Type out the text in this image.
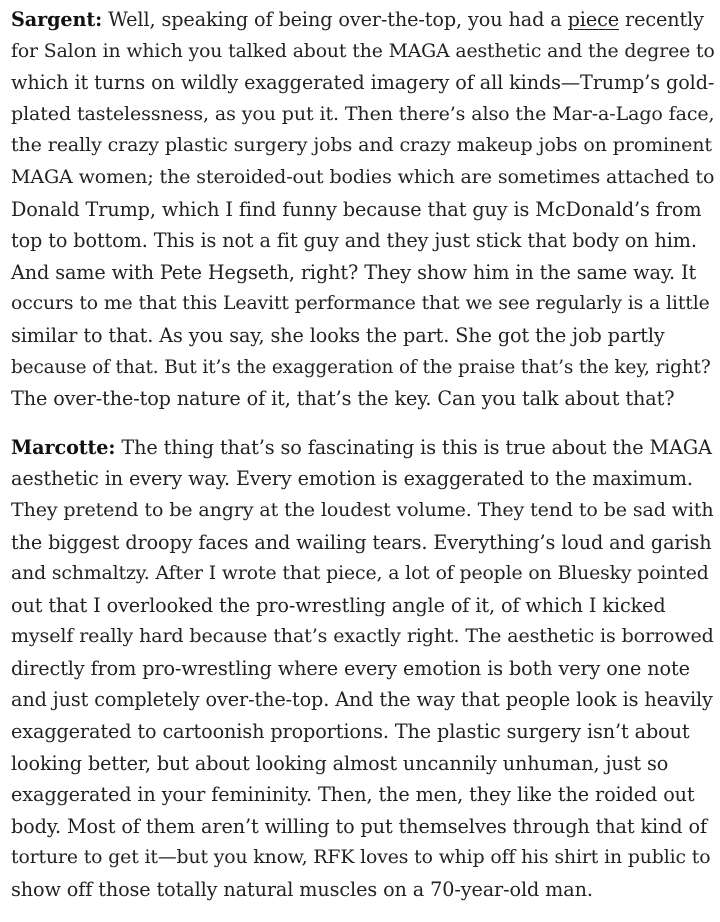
Sargent: Well, speaking of being over-the-top, you had a piece recently
for Salon in which you talked about the MAGA aesthetic and the degree to
which it turns on wildly exaggerated imagery of all kinds—Trump’s gold-
plated tastelessness, as you put it. Then there’s also the Mar-a-Lago face,
the really crazy plastic surgery jobs and crazy makeup jobs on prominent
MAGA women; the steroided-out bodies which are sometimes attached to
Donald Trump, which I find funny because that guy is McDonald’s from
top to bottom. This is not a fit guy and they just stick that body on him.
And same with Pete Hegseth, right? They show him in the same way. It
occurs to me that this Leavitt performance that we see regularly is a little
similar to that. As you say, she looks the part. She got the job partly
because of that. But it’s the exaggeration of the praise that’s the key, right?
The over-the-top nature of it, that’s the key. Can you talk about that?

Marcotte: The thing that’s so fascinating is this is true about the MAGA
aesthetic in every way. Every emotion is exaggerated to the maximum.
They pretend to be angry at the loudest volume. They tend to be sad with
the biggest droopy faces and wailing tears. Everything’s loud and garish
and schmaltzy. After I wrote that piece, a lot of people on Bluesky pointed
out that I overlooked the pro-wrestling angle of it, of which I kicked
myself really hard because that’s exactly right. The aesthetic is borrowed
directly from pro-wrestling where every emotion is both very one note
and just completely over-the-top. And the way that people look is heavily
exaggerated to cartoonish proportions. The plastic surgery isn’t about
looking better, but about looking almost uncannily unhuman, just so
exaggerated in your femininity. Then, the men, they like the roided out
body. Most of them aren’t willing to put themselves through that kind of
torture to get it—but you know, RFK loves to whip off his shirt in public to
show off those totally natural muscles on a 70-year-old man.
